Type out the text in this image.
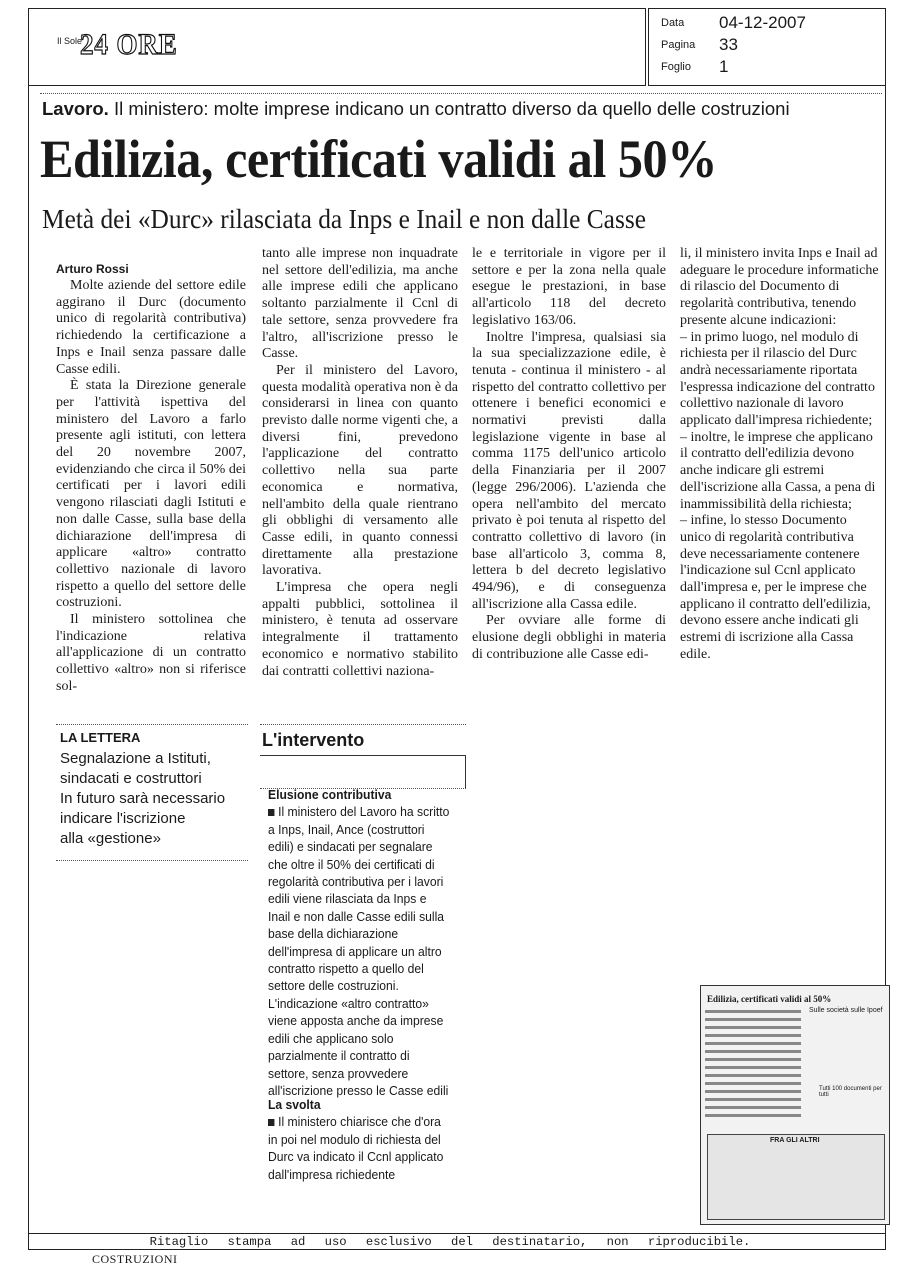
Il Sole
24 ORE
Data 04-12-2007
Pagina 33
Foglio 1
Lavoro. Il ministero: molte imprese indicano un contratto diverso da quello delle costruzioni
Edilizia, certificati validi al 50%
Metà dei «Durc» rilasciata da Inps e Inail e non dalle Casse
Arturo Rossi

Molte aziende del settore edile aggirano il Durc (documento unico di regolarità contributiva) richiedendo la certificazione a Inps e Inail senza passare dalle Casse edili.

È stata la Direzione generale per l'attività ispettiva del ministero del Lavoro a farlo presente agli istituti, con lettera del 20 novembre 2007, evidenziando che circa il 50% dei certificati per i lavori edili vengono rilasciati dagli Istituti e non dalle Casse, sulla base della dichiarazione dell'impresa di applicare «altro» contratto collettivo nazionale di lavoro rispetto a quello del settore delle costruzioni.

Il ministero sottolinea che l'indicazione relativa all'applicazione di un contratto collettivo «altro» non si riferisce sol-

tanto alle imprese non inquadrate nel settore dell'edilizia, ma anche alle imprese edili che applicano soltanto parzialmente il Ccnl di tale settore, senza provvedere fra l'altro, all'iscrizione presso le Casse.

Per il ministero del Lavoro, questa modalità operativa non è da considerarsi in linea con quanto previsto dalle norme vigenti che, a diversi fini, prevedono l'applicazione del contratto collettivo nella sua parte economica e normativa, nell'ambito della quale rientrano gli obblighi di versamento alle Casse edili, in quanto connessi direttamente alla prestazione lavorativa.

L'impresa che opera negli appalti pubblici, sottolinea il ministero, è tenuta ad osservare integralmente il trattamento economico e normativo stabilito dai contratti collettivi naziona-

le e territoriale in vigore per il settore e per la zona nella quale esegue le prestazioni, in base all'articolo 118 del decreto legislativo 163/06.

Inoltre l'impresa, qualsiasi sia la sua specializzazione edile, è tenuta - continua il ministero - al rispetto del contratto collettivo per ottenere i benefici economici e normativi previsti dalla legislazione vigente in base al comma 1175 dell'unico articolo della Finanziaria per il 2007 (legge 296/2006). L'azienda che opera nell'ambito del mercato privato è poi tenuta al rispetto del contratto collettivo di lavoro (in base all'articolo 3, comma 8, lettera b del decreto legislativo 494/96), e di conseguenza all'iscrizione alla Cassa edile.

Per ovviare alle forme di elusione degli obblighi in materia di contribuzione alle Casse edi-

li, il ministero invita Inps e Inail ad adeguare le procedure informatiche di rilascio del Documento di regolarità contributiva, tenendo presente alcune indicazioni:

– in primo luogo, nel modulo di richiesta per il rilascio del Durc andrà necessariamente riportata l'espressa indicazione del contratto collettivo nazionale di lavoro applicato dall'impresa richiedente;

– inoltre, le imprese che applicano il contratto dell'edilizia devono anche indicare gli estremi dell'iscrizione alla Cassa, a pena di inammissibilità della richiesta;

– infine, lo stesso Documento unico di regolarità contributiva deve necessariamente contenere l'indicazione sul Ccnl applicato dall'impresa e, per le imprese che applicano il contratto dell'edilizia, devono essere anche indicati gli estremi di iscrizione alla Cassa edile.

LA LETTERA
Segnalazione a Istituti,
sindacati e costruttori
In futuro sarà necessario
indicare l'iscrizione
alla «gestione»
L'intervento
Elusione contributiva
Il ministero del Lavoro ha scritto a Inps, Inail, Ance (costruttori edili) e sindacati per segnalare che oltre il 50% dei certificati di regolarità contributiva per i lavori edili viene rilasciata da Inps e Inail e non dalle Casse edili sulla base della dichiarazione dell'impresa di applicare un altro contratto rispetto a quello del settore delle costruzioni. L'indicazione «altro contratto» viene apposta anche da imprese edili che applicano solo parzialmente il contratto di settore, senza provvedere all'iscrizione presso le Casse edili
La svolta
Il ministero chiarisce che d'ora in poi nel modulo di richiesta del Durc va indicato il Ccnl applicato dall'impresa richiedente
Edilizia, certificati validi al 50%
Sulle società sulle Ipoef
Tutti 100 documenti per tutti
FRA GLI ALTRI
Ritaglio stampa ad uso esclusivo del destinatario, non riproducibile.
COSTRUZIONI
